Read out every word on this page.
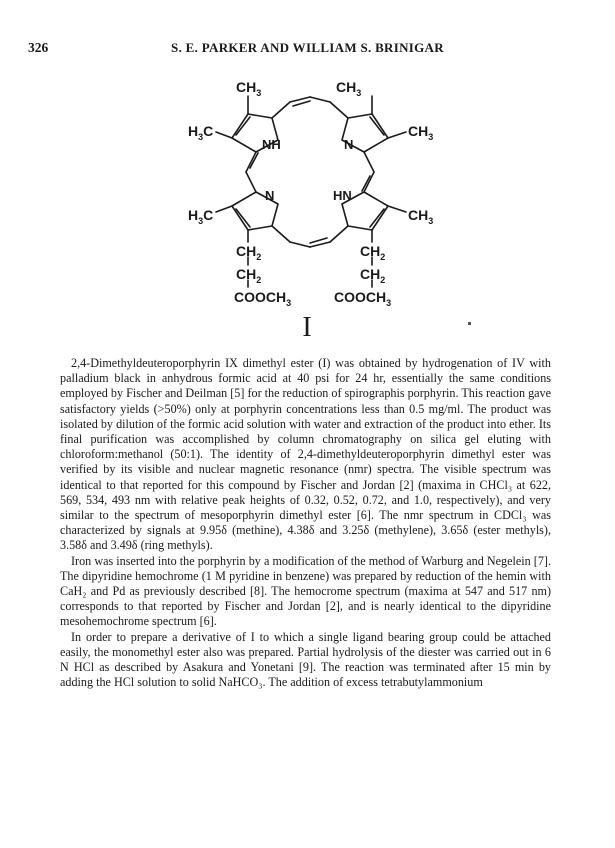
326	S. E. PARKER AND WILLIAM S. BRINIGAR
$CH_3$	$CH_3$
$H_3C$	$CH_3$
NH	N
N	HN
$H_3C$	$CH_3$
$CH_2$	$CH_2$
$CH_2$	$CH_2$
$COOCH_3$	$COOCH_3$
I

2,4-Dimethyldeuteroporphyrin IX dimethyl ester (I) was obtained by hydrogenation of IV with palladium black in anhydrous formic acid at 40 psi for 24 hr, essentially the same conditions employed by Fischer and Deilman [5] for the reduction of spirographis porphyrin. This reaction gave satisfactory yields (>50%) only at porphyrin concentrations less than 0.5 mg/ml. The product was isolated by dilution of the formic acid solution with water and extraction of the product into ether. Its final purification was accomplished by column chromatography on silica gel eluting with chloroform:methanol (50:1). The identity of 2,4-dimethyldeuteroporphyrin dimethyl ester was verified by its visible and nuclear magnetic resonance (nmr) spectra. The visible spectrum was identical to that reported for this compound by Fischer and Jordan [2] (maxima in CHCl₃ at 622, 569, 534, 493 nm with relative peak heights of 0.32, 0.52, 0.72, and 1.0, respectively), and very similar to the spectrum of mesoporphyrin dimethyl ester [6]. The nmr spectrum in CDCl₃ was characterized by signals at 9.95δ (methine), 4.38δ and 3.25δ (methylene), 3.65δ (ester methyls), 3.58δ and 3.49δ (ring methyls).

Iron was inserted into the porphyrin by a modification of the method of Warburg and Negelein [7]. The dipyridine hemochrome (1 M pyridine in benzene) was prepared by reduction of the hemin with CaH₂ and Pd as previously described [8]. The hemocrome spectrum (maxima at 547 and 517 nm) corresponds to that reported by Fischer and Jordan [2], and is nearly identical to the dipyridine mesohemochrome spectrum [6].

In order to prepare a derivative of I to which a single ligand bearing group could be attached easily, the monomethyl ester also was prepared. Partial hydrolysis of the diester was carried out in 6 N HCl as described by Asakura and Yonetani [9]. The reaction was terminated after 15 min by adding the HCl solution to solid NaHCO₃. The addition of excess tetrabutylammonium
